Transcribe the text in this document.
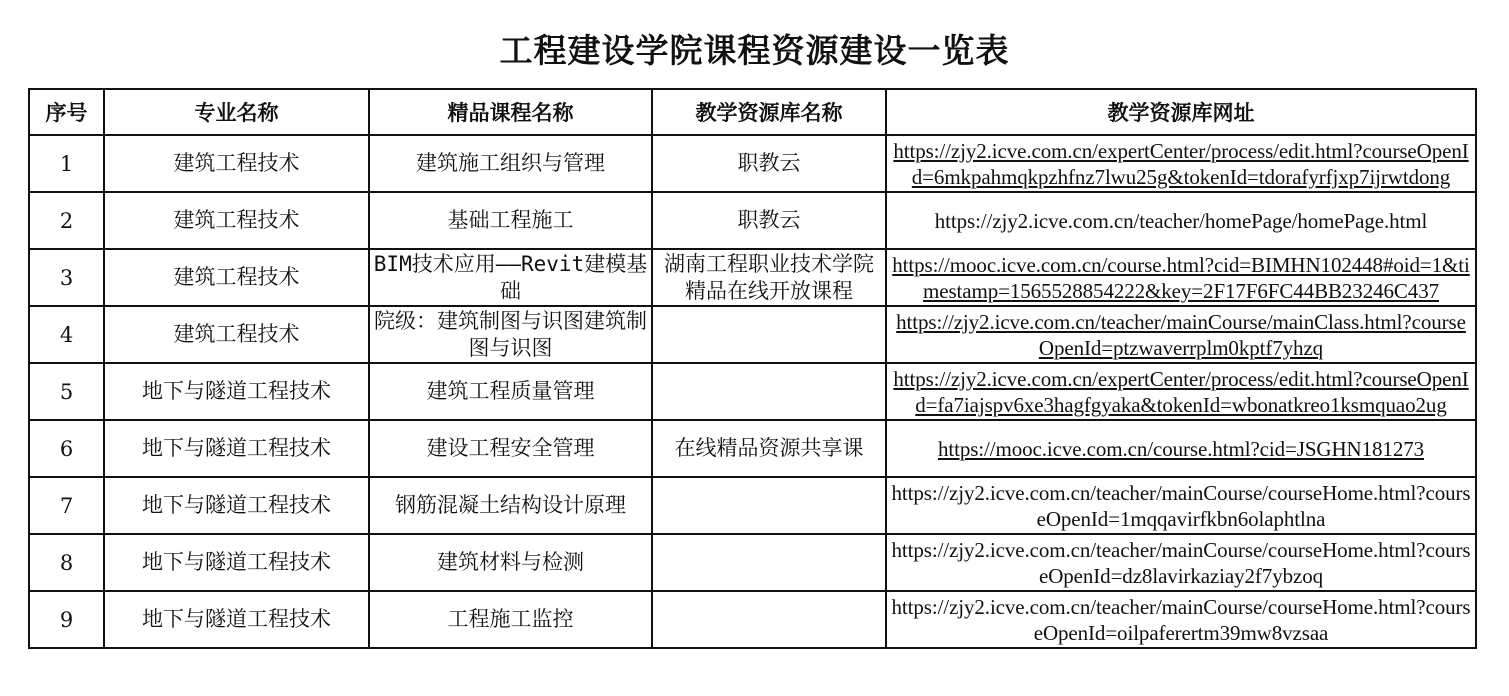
工程建设学院课程资源建设一览表
序号	专业名称	精品课程名称	教学资源库名称	教学资源库网址
1	建筑工程技术	建筑施工组织与管理	职教云	https://zjy2.icve.com.cn/expertCenter/process/edit.html?courseOpenId=6mkpahmqkpzhfnz7lwu25g&tokenId=tdorafyrfjxp7ijrwtdong

2	建筑工程技术	基础工程施工	职教云	https://zjy2.icve.com.cn/teacher/homePage/homePage.html

3	建筑工程技术	BIM技术应用——Revit建模基础	湖南工程职业技术学院精品在线开放课程	https://mooc.icve.com.cn/course.html?cid=BIMHN102448#oid=1&timestamp=1565528854222&key=2F17F6FC44BB23246C437

4	建筑工程技术	院级：建筑制图与识图建筑制图与识图		https://zjy2.icve.com.cn/teacher/mainCourse/mainClass.html?courseOpenId=ptzwaverrplm0kptf7yhzq

5	地下与隧道工程技术	建筑工程质量管理		https://zjy2.icve.com.cn/expertCenter/process/edit.html?courseOpenId=fa7iajspv6xe3hagfgyaka&tokenId=wbonatkreo1ksmquao2ug

6	地下与隧道工程技术	建设工程安全管理	在线精品资源共享课	https://mooc.icve.com.cn/course.html?cid=JSGHN181273

7	地下与隧道工程技术	钢筋混凝土结构设计原理		https://zjy2.icve.com.cn/teacher/mainCourse/courseHome.html?courseOpenId=1mqqavirfkbn6olaphtlna

8	地下与隧道工程技术	建筑材料与检测		https://zjy2.icve.com.cn/teacher/mainCourse/courseHome.html?courseOpenId=dz8lavirkaziay2f7ybzoq

9	地下与隧道工程技术	工程施工监控		https://zjy2.icve.com.cn/teacher/mainCourse/courseHome.html?courseOpenId=oilpaferertm39mw8vzsaa
